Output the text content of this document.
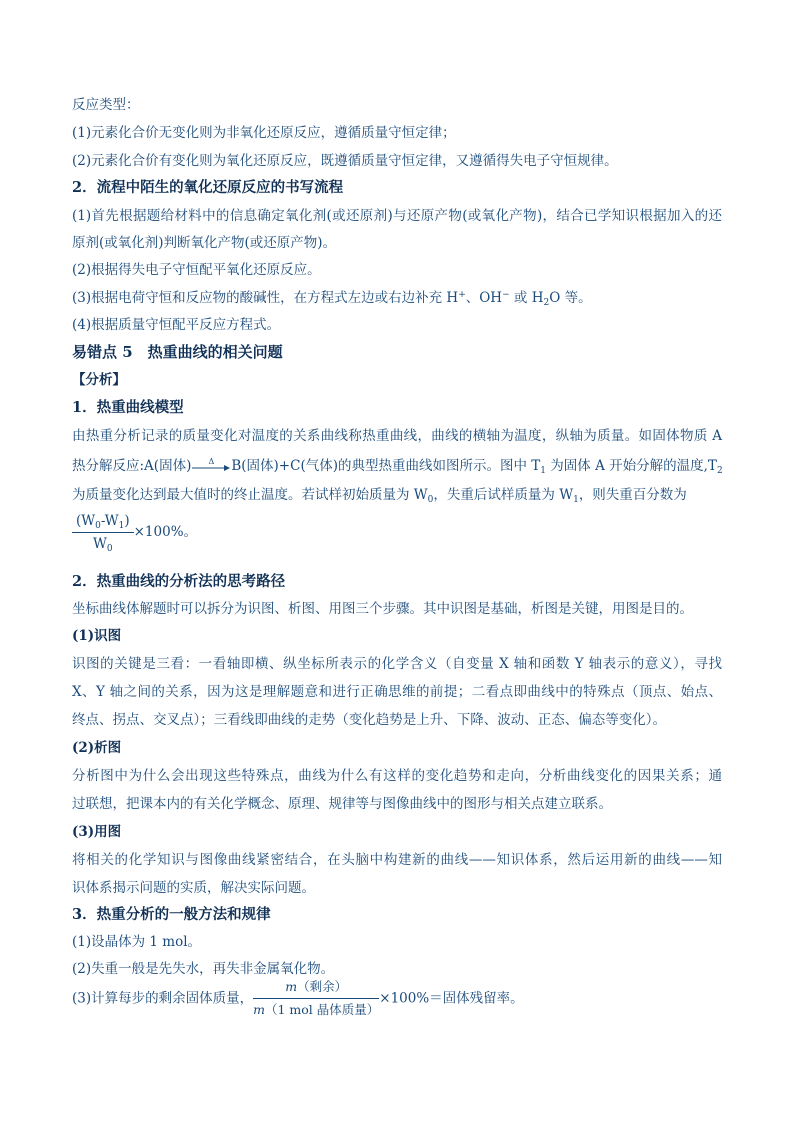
反应类型：
(1)元素化合价无变化则为非氧化还原反应，遵循质量守恒定律；
(2)元素化合价有变化则为氧化还原反应，既遵循质量守恒定律，又遵循得失电子守恒规律。
2．流程中陌生的氧化还原反应的书写流程
(1)首先根据题给材料中的信息确定氧化剂(或还原剂)与还原产物(或氧化产物)，结合已学知识根据加入的还
原剂(或氧化剂)判断氧化产物(或还原产物)。
(2)根据得失电子守恒配平氧化还原反应。
(3)根据电荷守恒和反应物的酸碱性，在方程式左边或右边补充 H+、OH− 或 $H_2O$ 等。
(4)根据质量守恒配平反应方程式。
易错点 5　热重曲线的相关问题
【分析】
1．热重曲线模型
由热重分析记录的质量变化对温度的关系曲线称热重曲线，曲线的横轴为温度，纵轴为质量。如固体物质 A
热分解反应:A(固体)	Δ	B(固体)+C(气体)的典型热重曲线如图所示。图中 $T_1$ 为固体 A 开始分解的温度$,T_2$
为质量变化达到最大值时的终止温度。若试样初始质量为 $W_0$，失重后试样质量为 $W_1$，则失重百分数为
$\frac{(W_0-W_1)}{W_0} \times 100\%$。
2．热重曲线的分析法的思考路径
坐标曲线体解题时可以拆分为识图、析图、用图三个步骤。其中识图是基础，析图是关键，用图是目的。
(1)识图
识图的关键是三看：一看轴即横、纵坐标所表示的化学含义（自变量 X 轴和函数 Y 轴表示的意义），寻找
X、Y 轴之间的关系，因为这是理解题意和进行正确思维的前提；二看点即曲线中的特殊点（顶点、始点、
终点、拐点、交叉点）；三看线即曲线的走势（变化趋势是上升、下降、波动、正态、偏态等变化）。
(2)析图
分析图中为什么会出现这些特殊点，曲线为什么有这样的变化趋势和走向，分析曲线变化的因果关系；通
过联想，把课本内的有关化学概念、原理、规律等与图像曲线中的图形与相关点建立联系。
(3)用图
将相关的化学知识与图像曲线紧密结合，在头脑中构建新的曲线——知识体系，然后运用新的曲线——知
识体系揭示问题的实质，解决实际问题。
3．热重分析的一般方法和规律
(1)设晶体为 1 mol。
(2)失重一般是先失水，再失非金属氧化物。
(3)计算每步的剩余固体质量， $\frac{\text{m（剩余）}}{\text{m（1 mol 晶体质量）}} \times 100\%=$固体残留率。
